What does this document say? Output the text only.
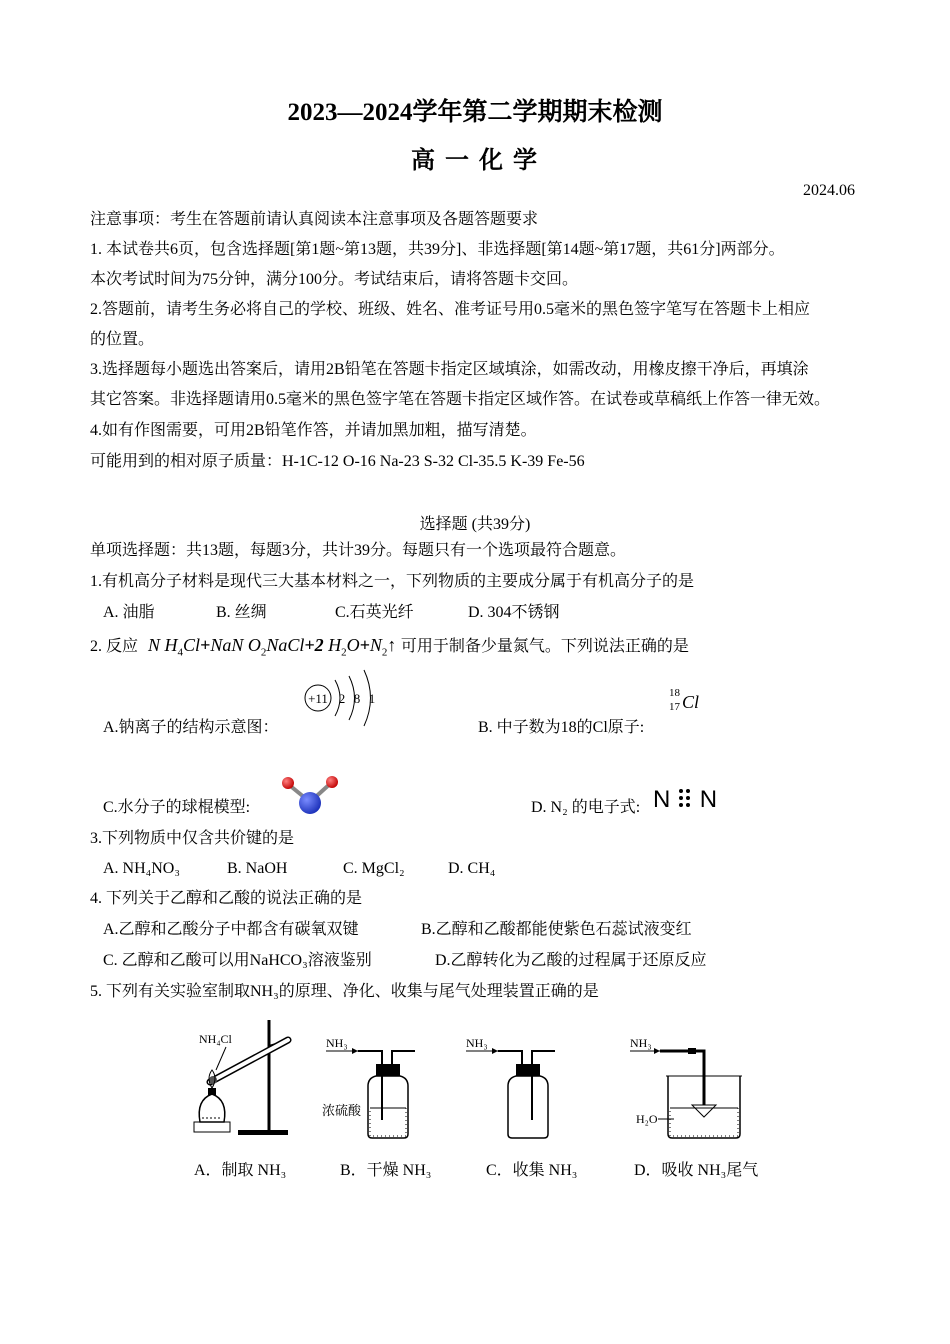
2023—2024学年第二学期期末检测
高 一 化 学
2024.06
注意事项：考生在答题前请认真阅读本注意事项及各题答题要求
1. 本试卷共6页，包含选择题[第1题~第13题，共39分]、非选择题[第14题~第17题，共61分]两部分。
本次考试时间为75分钟，满分100分。考试结束后，请将答题卡交回。
2.答题前，请考生务必将自己的学校、班级、姓名、准考证号用0.5毫米的黑色签字笔写在答题卡上相应
的位置。
3.选择题每小题选出答案后，请用2B铅笔在答题卡指定区域填涂，如需改动，用橡皮擦干净后，再填涂
其它答案。非选择题请用0.5毫米的黑色签字笔在答题卡指定区域作答。在试卷或草稿纸上作答一律无效。
4.如有作图需要，可用2B铅笔作答，并请加黑加粗，描写清楚。
可能用到的相对原子质量：H-1C-12 O-16 Na-23 S-32 Cl-35.5 K-39 Fe-56
选择题 (共39分)
单项选择题：共13题，每题3分，共计39分。每题只有一个选项最符合题意。
1.有机高分子材料是现代三大基本材料之一，下列物质的主要成分属于有机高分子的是
A. 油脂	B. 丝绸	C.石英光纤	D. 304不锈钢
2. 反应 N $H_4Cl+NaN$ $O_2NaCl+2$ $H_2O+N_2↑$ 可用于制备少量氮气。下列说法正确的是
A.钠离子的结构示意图：
+11 2 8 1
B. 中子数为18的Cl原子:
18
17 Cl
C.水分子的球棍模型:	D. N₂ 的电子式: N N
3.下列物质中仅含共价键的是
A. NH₄NO₃	B. NaOH	C. MgCl₂	D. CH₄
4. 下列关于乙醇和乙酸的说法正确的是
A.乙醇和乙酸分子中都含有碳氧双键	B.乙醇和乙酸都能使紫色石蕊试液变红
C. 乙醇和乙酸可以用NaHCO₃溶液鉴别	D.乙醇转化为乙酸的过程属于还原反应
5. 下列有关实验室制取NH₃的原理、净化、收集与尾气处理装置正确的是
NH₄Cl	NH₃
浓硫酸
NH₃	NH₃
H₂O
A．制取 NH₃	B．干燥 NH₃	C．收集 NH₃	D．吸收 NH₃尾气
